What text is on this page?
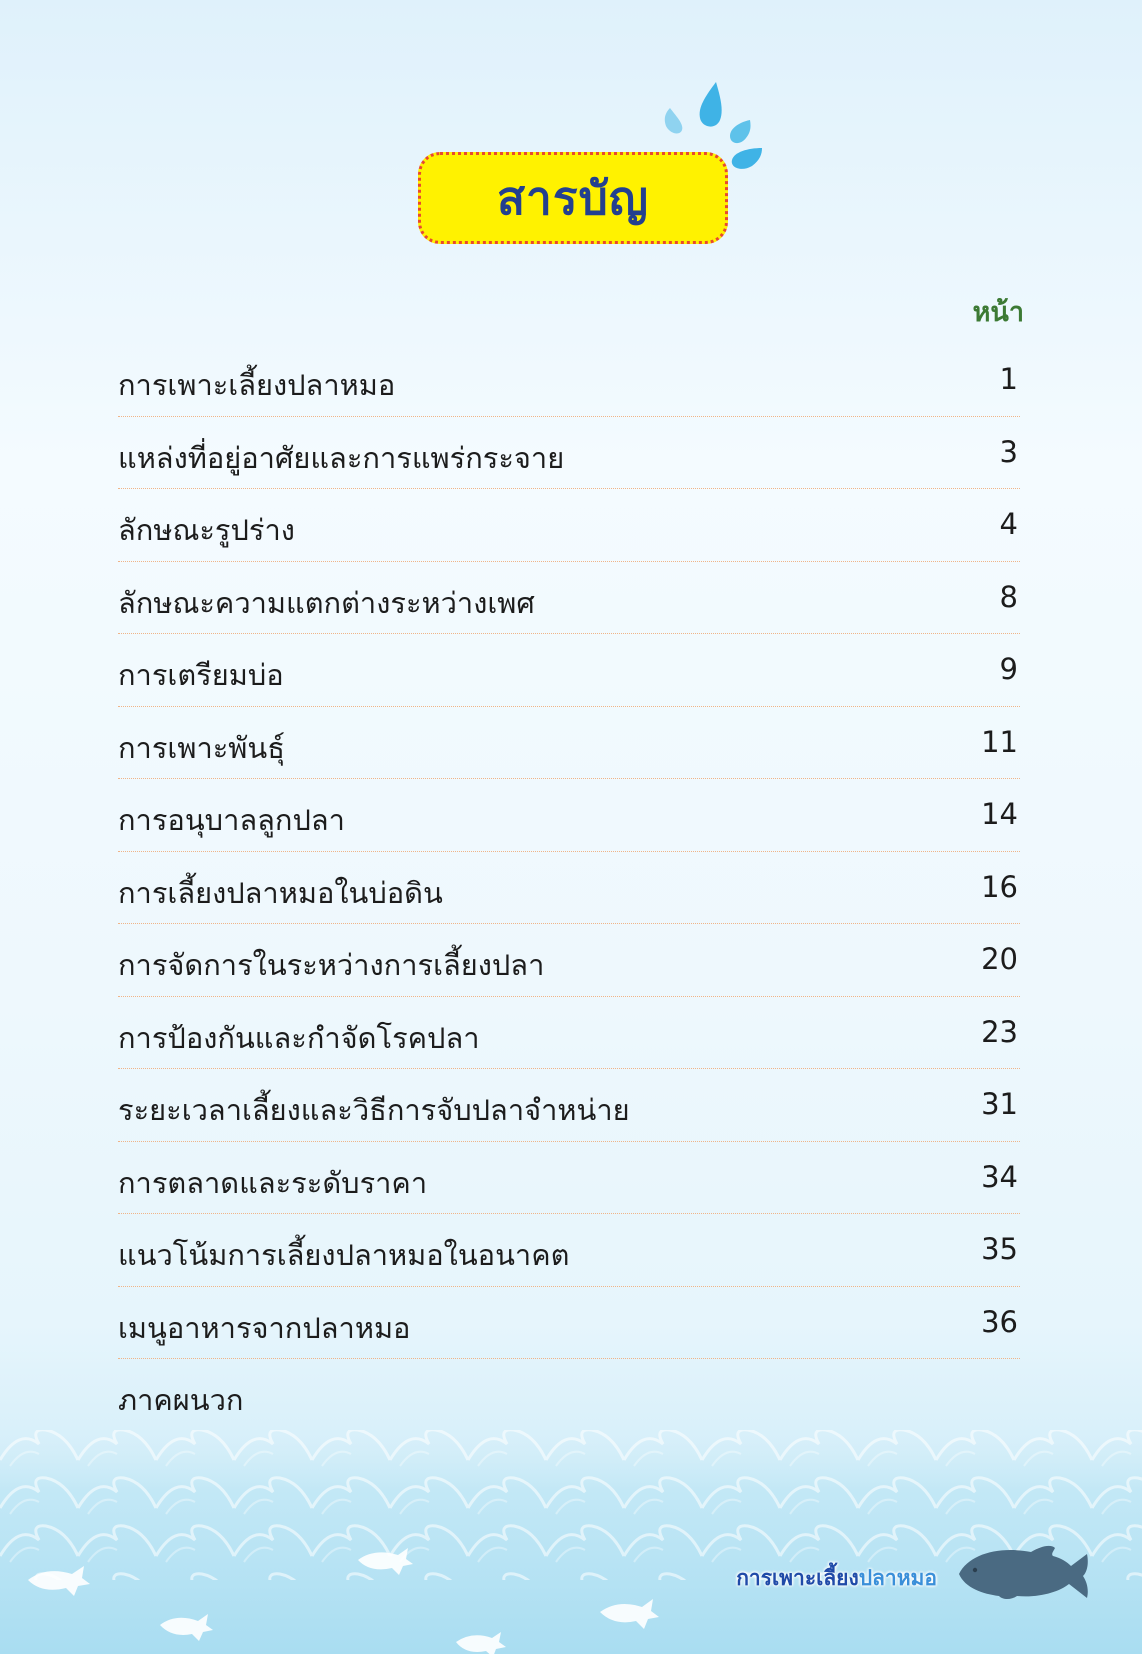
สารบัญ
หน้า
การเพาะเลี้ยงปลาหมอ	1
แหล่งที่อยู่อาศัยและการแพร่กระจาย	3
ลักษณะรูปร่าง	4
ลักษณะความแตกต่างระหว่างเพศ	8
การเตรียมบ่อ	9
การเพาะพันธุ์	11
การอนุบาลลูกปลา	14
การเลี้ยงปลาหมอในบ่อดิน	16
การจัดการในระหว่างการเลี้ยงปลา	20
การป้องกันและกำจัดโรคปลา	23
ระยะเวลาเลี้ยงและวิธีการจับปลาจำหน่าย	31
การตลาดและระดับราคา	34
แนวโน้มการเลี้ยงปลาหมอในอนาคต	35
เมนูอาหารจากปลาหมอ	36
ภาคผนวก
การเพาะเลี้ยงปลาหมอ
